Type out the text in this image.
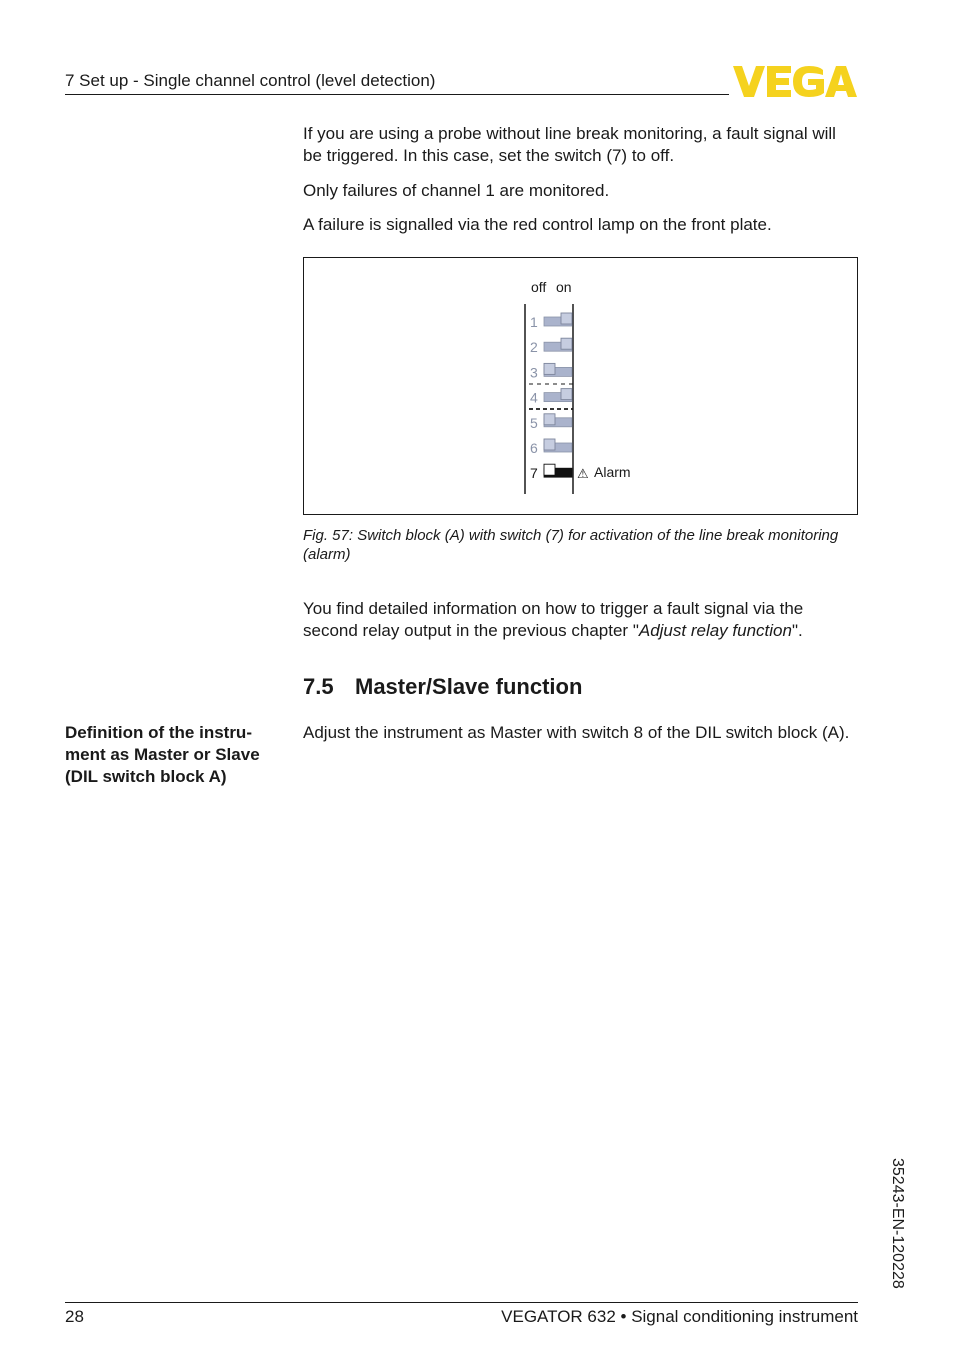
7 Set up - Single channel control (level detection)

If you are using a probe without line break monitoring, a fault signal will be triggered. In this case, set the switch (7) to off.

Only failures of channel 1 are monitored.

A failure is signalled via the red control lamp on the front plate.

off on
1
2
3
4
5
6
7	⚠ Alarm
Fig. 57: Switch block (A) with switch (7) for activation of the line break monitoring (alarm)

You find detailed information on how to trigger a fault signal via the second relay output in the previous chapter "Adjust relay function".

7.5 Master/Slave function
Definition of the instru-ment as Master or Slave (DIL switch block A)

Adjust the instrument as Master with switch 8 of the DIL switch block (A).

35243-EN-120228
28	VEGATOR 632 • Signal conditioning instrument
